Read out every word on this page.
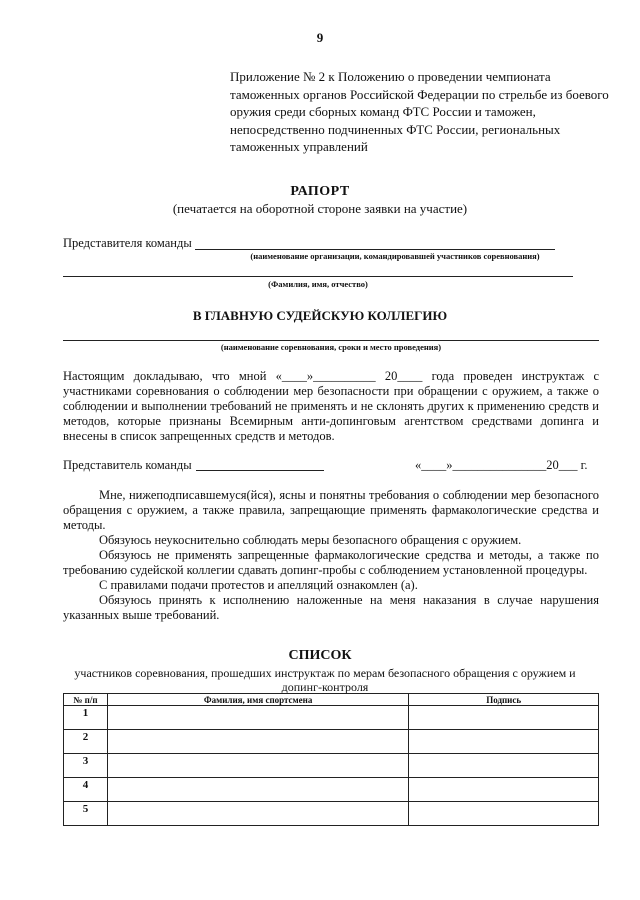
9
Приложение № 2 к Положению о проведении чемпионата таможенных органов Российской Федерации по стрельбе из боевого оружия среди сборных команд ФТС России и таможен, непосредственно подчиненных ФТС России, региональных таможенных управлений
РАПОРТ
(печатается на оборотной стороне заявки на участие)
Представителя команды
(наименование организации, командировавшей участников соревнования)
(Фамилия, имя, отчество)
В ГЛАВНУЮ СУДЕЙСКУЮ КОЛЛЕГИЮ
(наименование соревнования, сроки и место проведения)
Настоящим докладываю, что мной «____»__________ 20____ года проведен инструктаж с участниками соревнования о соблюдении мер безопасности при обращении с оружием, а также о соблюдении и выполнении требований не применять и не склонять других к применению средств и методов, которые признаны Всемирным анти-допинговым агентством средствами допинга и внесены в список запрещенных средств и методов.
Представитель команды	«____»_______________20___ г.

Мне, нижеподписавшемуся(йся), ясны и понятны требования о соблюдении мер безопасного обращения с оружием, а также правила, запрещающие применять фармакологические средства и методы.

Обязуюсь неукоснительно соблюдать меры безопасного обращения с оружием.

Обязуюсь не применять запрещенные фармакологические средства и методы, а также по требованию судейской коллегии сдавать допинг-пробы с соблюдением установленной процедуры.

С правилами подачи протестов и апелляций ознакомлен (а).

Обязуюсь принять к исполнению наложенные на меня наказания в случае нарушения указанных выше требований.

СПИСОК
участников соревнования, прошедших инструктаж по мерам безопасного обращения с оружием и допинг-контроля
№ п/п	Фамилия, имя спортсмена	Подпись
1		
2		
3		
4		
5		
